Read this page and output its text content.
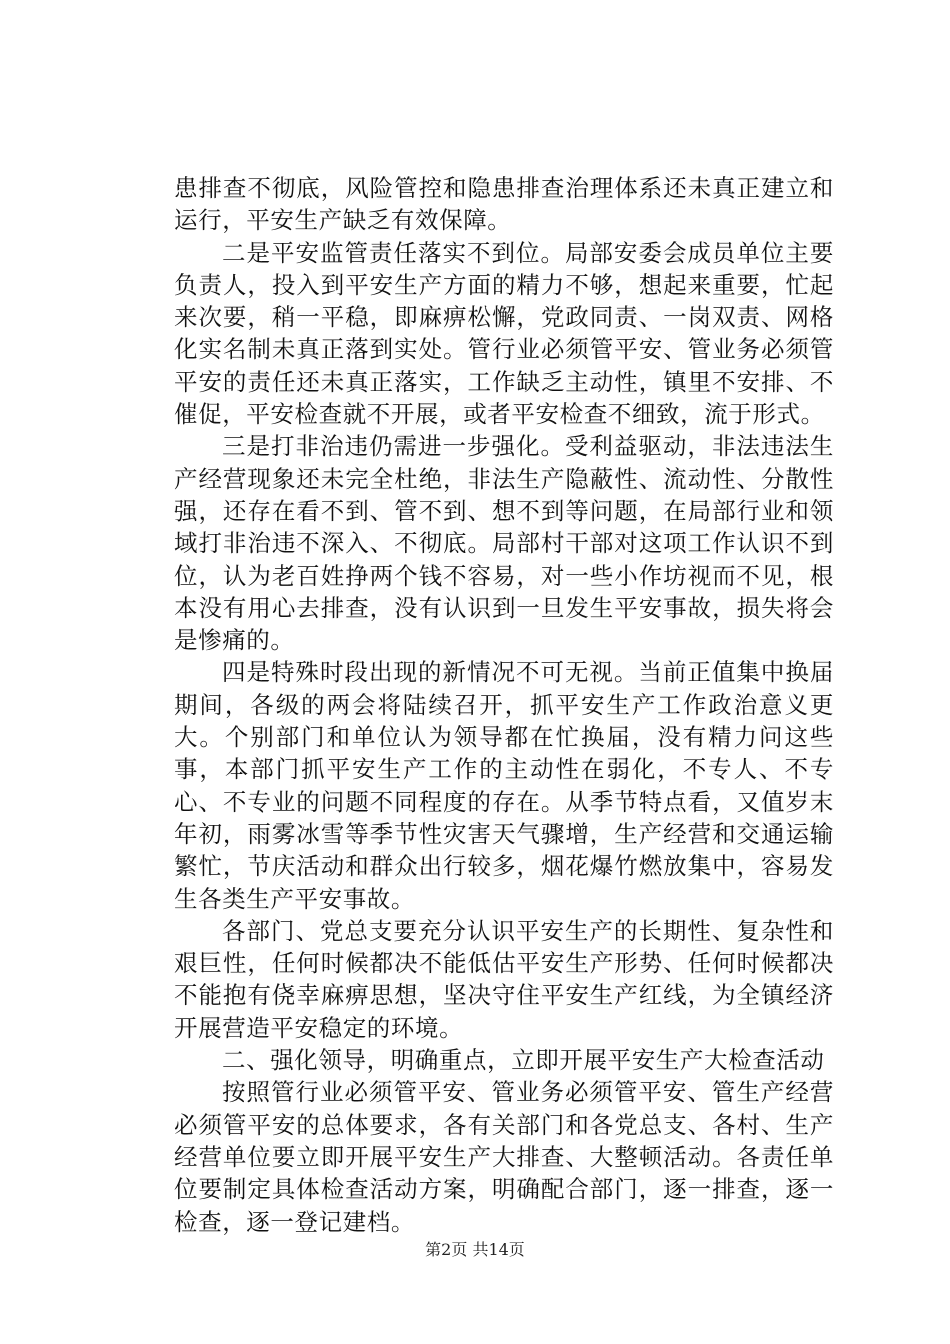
患排查不彻底，风险管控和隐患排查治理体系还未真正建立和运行，平安生产缺乏有效保障。

二是平安监管责任落实不到位。局部安委会成员单位主要负责人，投入到平安生产方面的精力不够，想起来重要，忙起来次要，稍一平稳，即麻痹松懈，党政同责、一岗双责、网格化实名制未真正落到实处。管行业必须管平安、管业务必须管平安的责任还未真正落实，工作缺乏主动性，镇里不安排、不催促，平安检查就不开展，或者平安检查不细致，流于形式。

三是打非治违仍需进一步强化。受利益驱动，非法违法生产经营现象还未完全杜绝，非法生产隐蔽性、流动性、分散性强，还存在看不到、管不到、想不到等问题，在局部行业和领域打非治违不深入、不彻底。局部村干部对这项工作认识不到位，认为老百姓挣两个钱不容易，对一些小作坊视而不见，根本没有用心去排查，没有认识到一旦发生平安事故，损失将会是惨痛的。

四是特殊时段出现的新情况不可无视。当前正值集中换届期间，各级的两会将陆续召开，抓平安生产工作政治意义更大。个别部门和单位认为领导都在忙换届，没有精力问这些事，本部门抓平安生产工作的主动性在弱化，不专人、不专心、不专业的问题不同程度的存在。从季节特点看，又值岁末年初，雨雾冰雪等季节性灾害天气骤增，生产经营和交通运输繁忙，节庆活动和群众出行较多，烟花爆竹燃放集中，容易发生各类生产平安事故。

各部门、党总支要充分认识平安生产的长期性、复杂性和艰巨性，任何时候都决不能低估平安生产形势、任何时候都决不能抱有侥幸麻痹思想，坚决守住平安生产红线，为全镇经济开展营造平安稳定的环境。

二、强化领导，明确重点，立即开展平安生产大检查活动

按照管行业必须管平安、管业务必须管平安、管生产经营必须管平安的总体要求，各有关部门和各党总支、各村、生产经营单位要立即开展平安生产大排查、大整顿活动。各责任单位要制定具体检查活动方案，明确配合部门，逐一排查，逐一检查，逐一登记建档。

第2页 共14页
